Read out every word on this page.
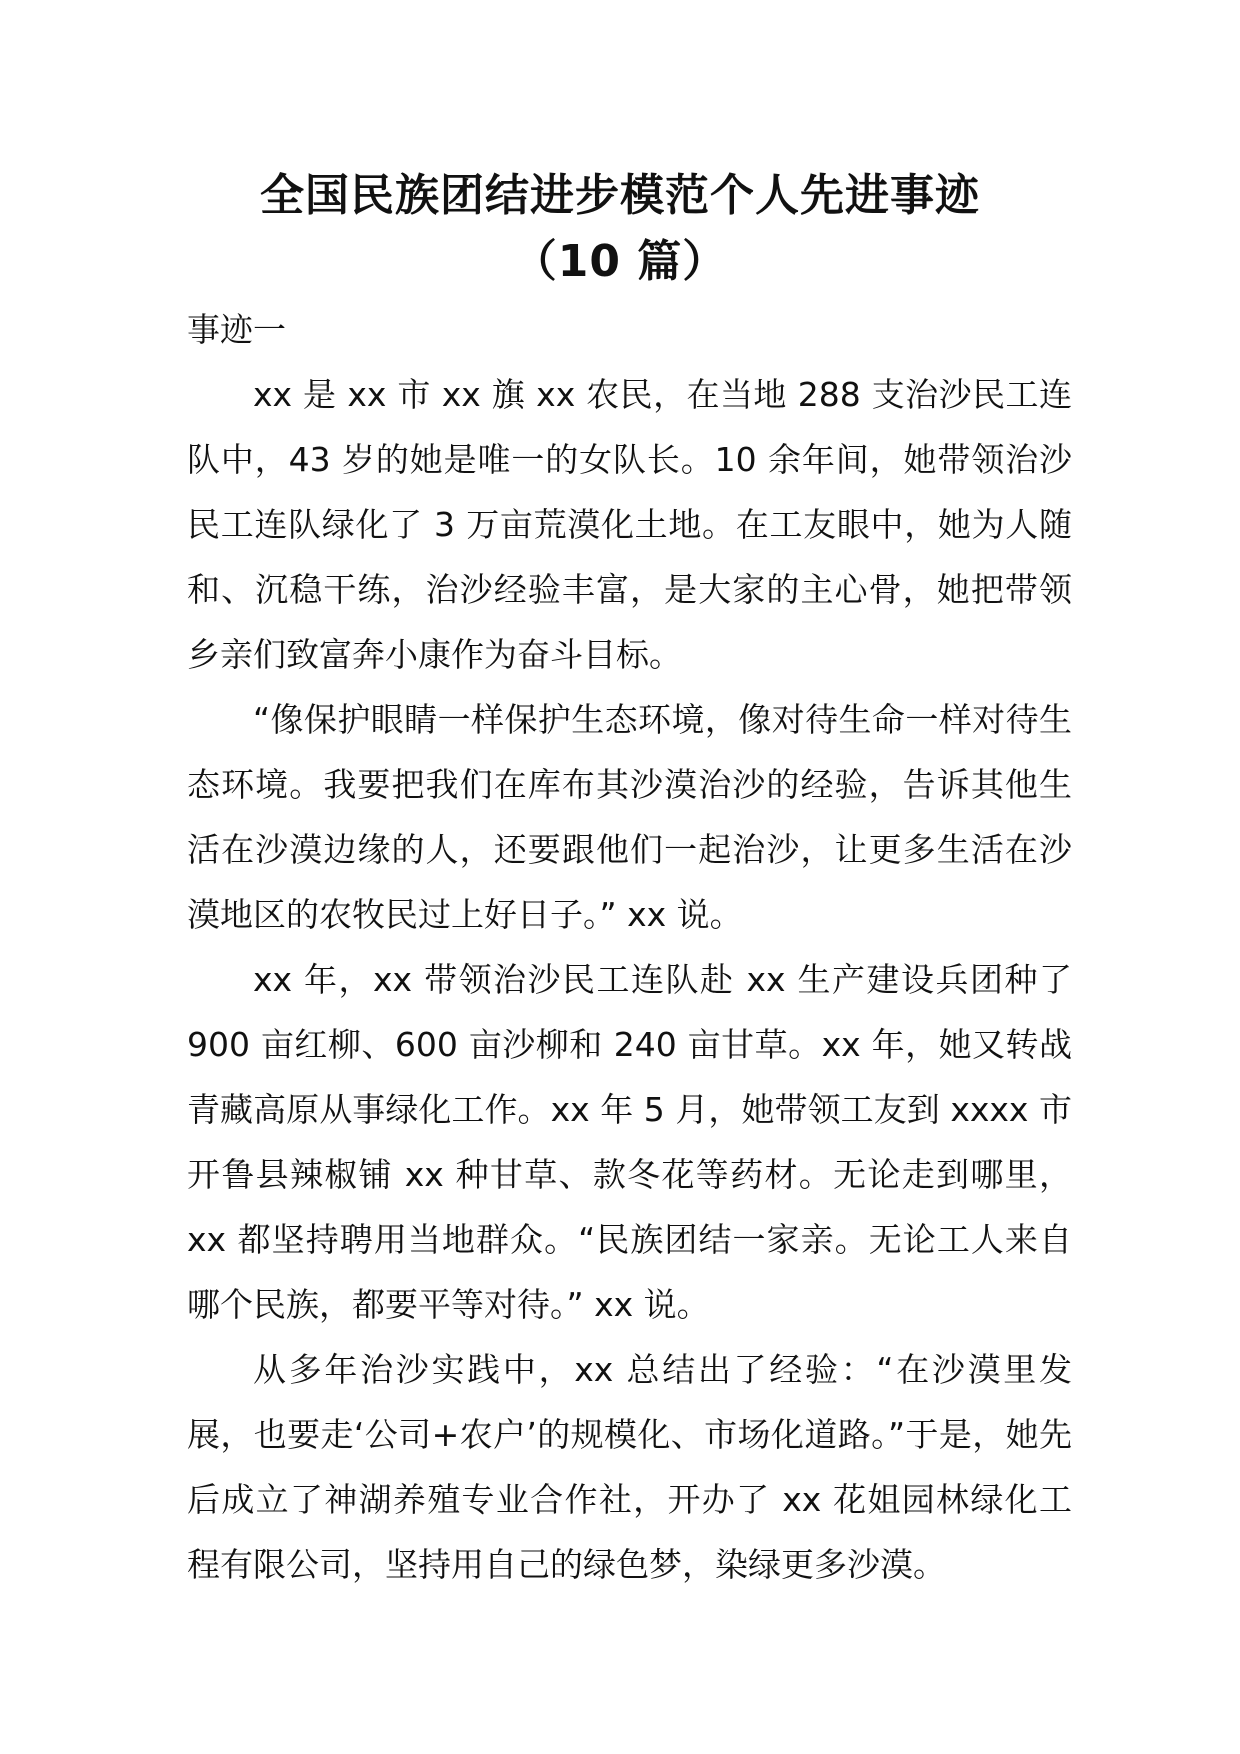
全国民族团结进步模范个人先进事迹
（10 篇）
事迹一

xx 是 xx 市 xx 旗 xx 农民，在当地 288 支治沙民工连队中，43 岁的她是唯一的女队长。10 余年间，她带领治沙民工连队绿化了 3 万亩荒漠化土地。在工友眼中，她为人随和、沉稳干练，治沙经验丰富，是大家的主心骨，她把带领乡亲们致富奔小康作为奋斗目标。

“像保护眼睛一样保护生态环境，像对待生命一样对待生态环境。我要把我们在库布其沙漠治沙的经验，告诉其他生活在沙漠边缘的人，还要跟他们一起治沙，让更多生活在沙漠地区的农牧民过上好日子。” xx 说。

xx 年，xx 带领治沙民工连队赴 xx 生产建设兵团种了 900 亩红柳、600 亩沙柳和 240 亩甘草。xx 年，她又转战青藏高原从事绿化工作。xx 年 5 月，她带领工友到 xxxx 市开鲁县辣椒铺 xx 种甘草、款冬花等药材。无论走到哪里，xx 都坚持聘用当地群众。“民族团结一家亲。无论工人来自哪个民族，都要平等对待。” xx 说。

从多年治沙实践中，xx 总结出了经验：“在沙漠里发展，也要走‘公司+农户’的规模化、市场化道路。”于是，她先后成立了神湖养殖专业合作社，开办了 xx 花姐园林绿化工程有限公司，坚持用自己的绿色梦，染绿更多沙漠。
